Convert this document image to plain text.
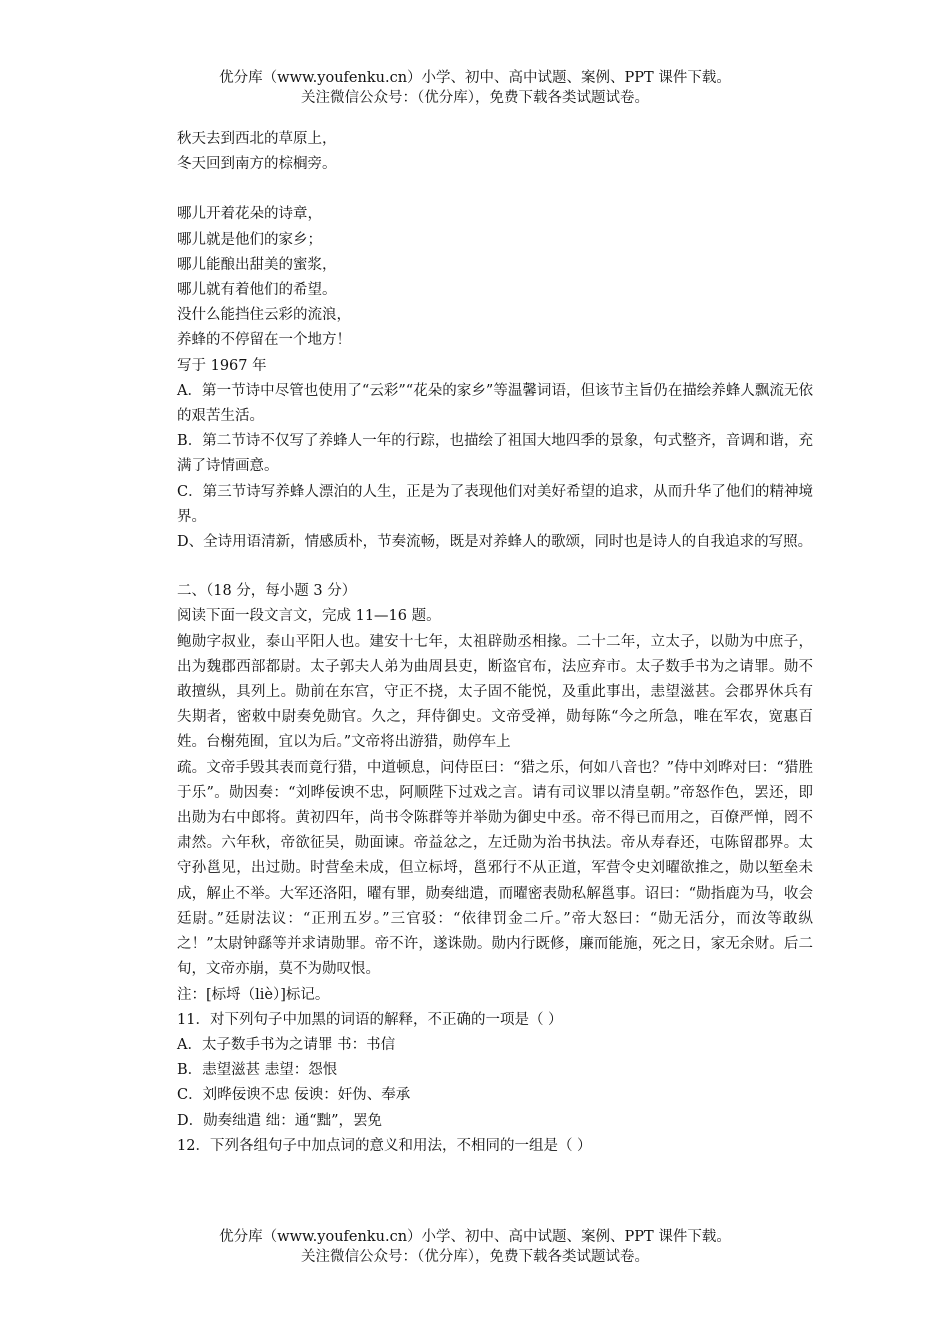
优分库（www.youfenku.cn）小学、初中、高中试题、案例、PPT 课件下载。
关注微信公众号：（优分库），免费下载各类试题试卷。

秋天去到西北的草原上，

冬天回到南方的棕榈旁。

哪儿开着花朵的诗章，

哪儿就是他们的家乡；

哪儿能酿出甜美的蜜浆，

哪儿就有着他们的希望。

没什么能挡住云彩的流浪，

养蜂的不停留在一个地方！

写于 1967 年

A．第一节诗中尽管也使用了“云彩”“花朵的家乡”等温馨词语，但该节主旨仍在描绘养蜂人飘流无依的艰苦生活。

B．第二节诗不仅写了养蜂人一年的行踪，也描绘了祖国大地四季的景象，句式整齐，音调和谐，充满了诗情画意。

C．第三节诗写养蜂人漂泊的人生，正是为了表现他们对美好希望的追求，从而升华了他们的精神境界。

D、全诗用语清新，情感质朴，节奏流畅，既是对养蜂人的歌颂，同时也是诗人的自我追求的写照。

二、（18 分，每小题 3 分）

阅读下面一段文言文，完成 11—16 题。

鲍勋字叔业，泰山平阳人也。建安十七年，太祖辟勋丞相掾。二十二年，立太子，以勋为中庶子，出为魏郡西部都尉。太子郭夫人弟为曲周县吏，断盗官布，法应弃市。太子数手书为之请罪。勋不敢擅纵，具列上。勋前在东宫，守正不挠，太子固不能悦，及重此事出，恚望滋甚。会郡界休兵有失期者，密敕中尉奏免勋官。久之，拜侍御史。文帝受禅，勋每陈“今之所急，唯在军农，宽惠百姓。台榭苑囿，宜以为后。”文帝将出游猎，勋停车上

疏。文帝手毁其表而竟行猎，中道顿息，问侍臣曰：“猎之乐，何如八音也？”侍中刘晔对曰：“猎胜于乐”。勋因奏：“刘晔佞谀不忠，阿顺陛下过戏之言。请有司议罪以清皇朝。”帝怒作色，罢还，即出勋为右中郎将。黄初四年，尚书令陈群等并举勋为御史中丞。帝不得已而用之，百僚严惮，罔不肃然。六年秋，帝欲征吴，勋面谏。帝益忿之，左迁勋为治书执法。帝从寿春还，屯陈留郡界。太守孙邕见，出过勋。时营垒未成，但立标埒，邕邪行不从正道，军营令史刘曜欲推之，勋以堑垒未成，解止不举。大军还洛阳，曜有罪，勋奏绌遣，而曜密表勋私解邕事。诏曰：“勋指鹿为马，收会廷尉。”廷尉法议：“正刑五岁。”三官驳：“依律罚金二斤。”帝大怒曰：“勋无活分，而汝等敢纵之！”太尉钟繇等并求请勋罪。帝不许，遂诛勋。勋内行既修，廉而能施，死之日，家无余财。后二旬，文帝亦崩，莫不为勋叹恨。

注：[标埒（liè）]标记。

11．对下列句子中加黑的词语的解释，不正确的一项是（ ）

A．太子数手书为之请罪 书：书信

B．恚望滋甚 恚望：怨恨

C．刘晔佞谀不忠 佞谀：奸伪、奉承

D．勋奏绌遣 绌：通“黜”，罢免

12．下列各组句子中加点词的意义和用法，不相同的一组是（ ）

优分库（www.youfenku.cn）小学、初中、高中试题、案例、PPT 课件下载。
关注微信公众号：（优分库），免费下载各类试题试卷。
